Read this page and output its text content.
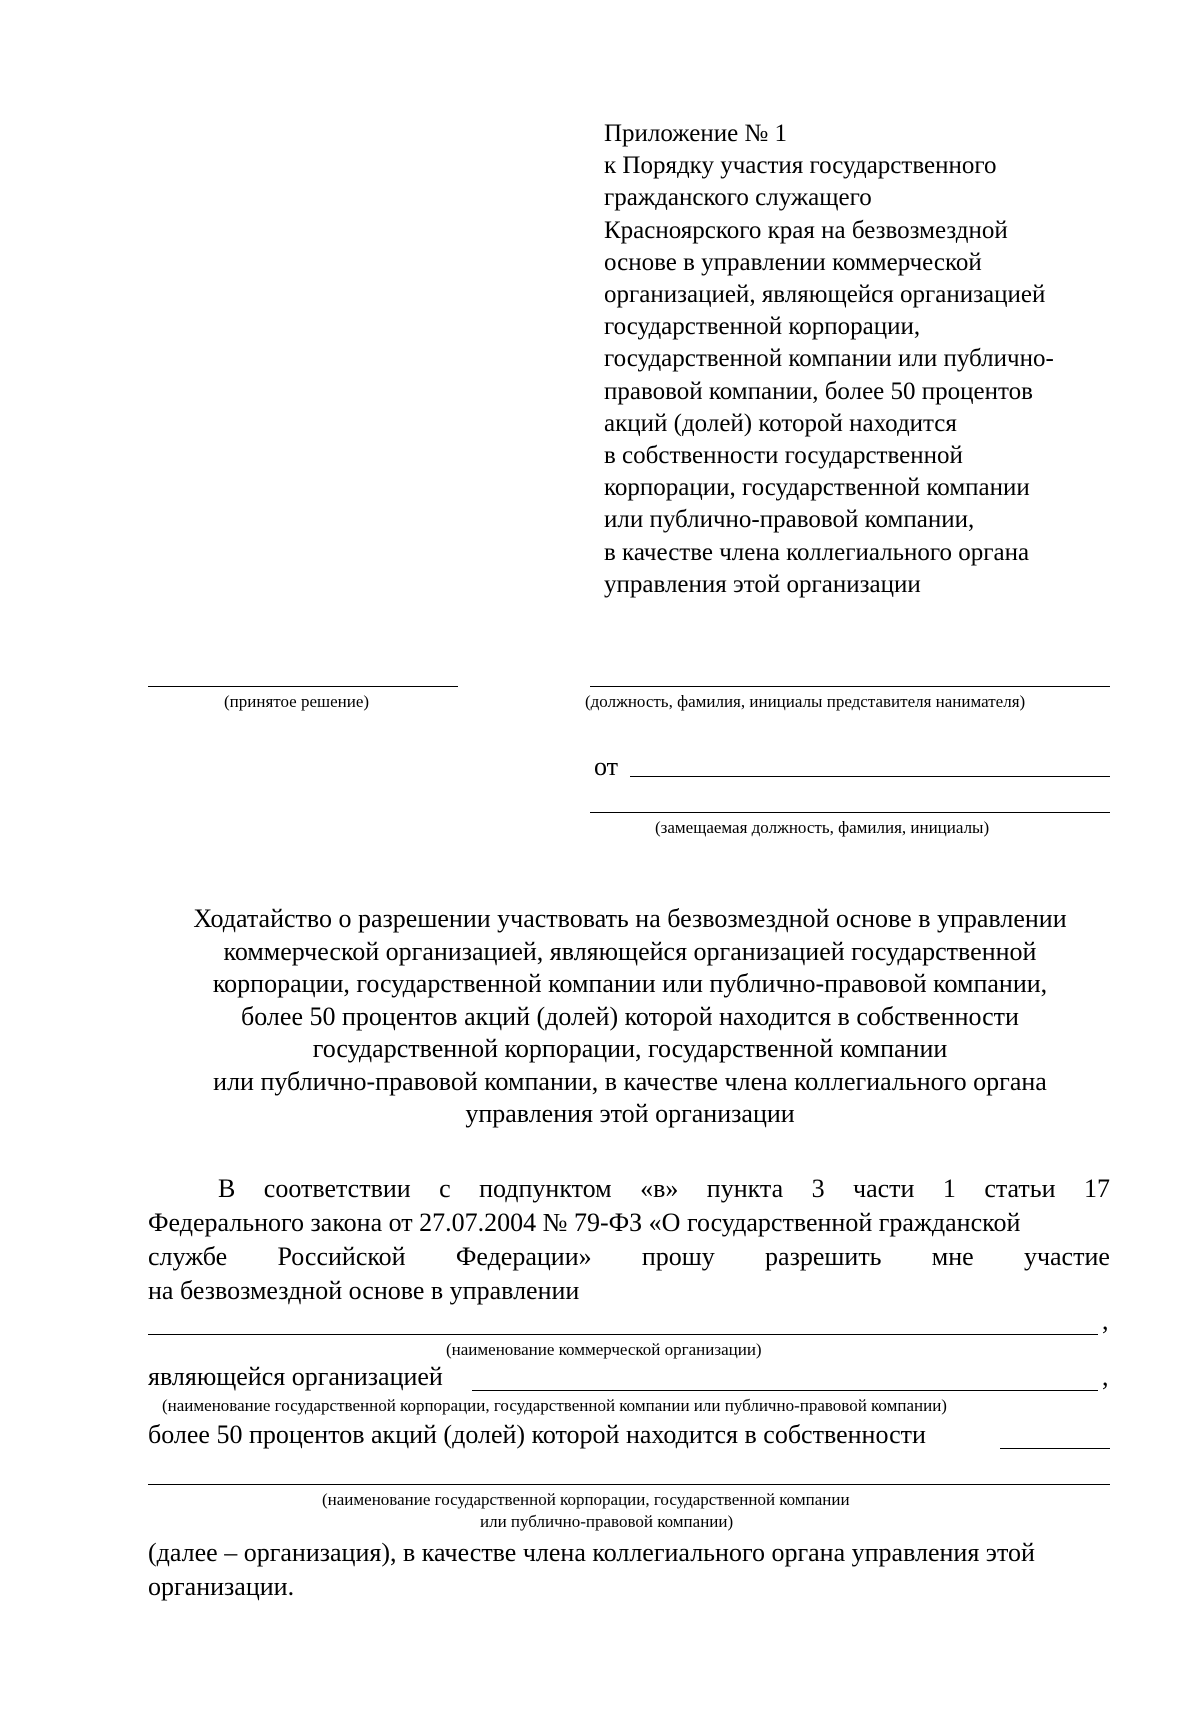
Приложение № 1
к Порядку участия государственного
гражданского служащего
Красноярского края на безвозмездной
основе в управлении коммерческой
организацией, являющейся организацией
государственной корпорации,
государственной компании или публично-
правовой компании, более 50 процентов
акций (долей) которой находится
в собственности государственной
корпорации, государственной компании
или публично-правовой компании,
в качестве члена коллегиального органа
управления этой организации
(принятое решение)	(должность, фамилия, инициалы представителя нанимателя)
от
(замещаемая должность, фамилия, инициалы)
Ходатайство о разрешении участвовать на безвозмездной основе в управлении
коммерческой организацией, являющейся организацией государственной
корпорации, государственной компании или публично-правовой компании,
более 50 процентов акций (долей) которой находится в собственности
государственной корпорации, государственной компании
или публично-правовой компании, в качестве члена коллегиального органа
управления этой организации
В соответствии с подпунктом «в» пункта 3 части 1 статьи 17
Федерального закона от 27.07.2004 № 79-ФЗ «О государственной гражданской
службе Российской Федерации» прошу разрешить мне участие
на безвозмездной основе в управлении
,
(наименование коммерческой организации)
являющейся организацией	,
(наименование государственной корпорации, государственной компании или публично-правовой компании)
более 50 процентов акций (долей) которой находится в собственности
(наименование государственной корпорации, государственной компании
или публично-правовой компании)
(далее – организация), в качестве члена коллегиального органа управления этой
организации.
